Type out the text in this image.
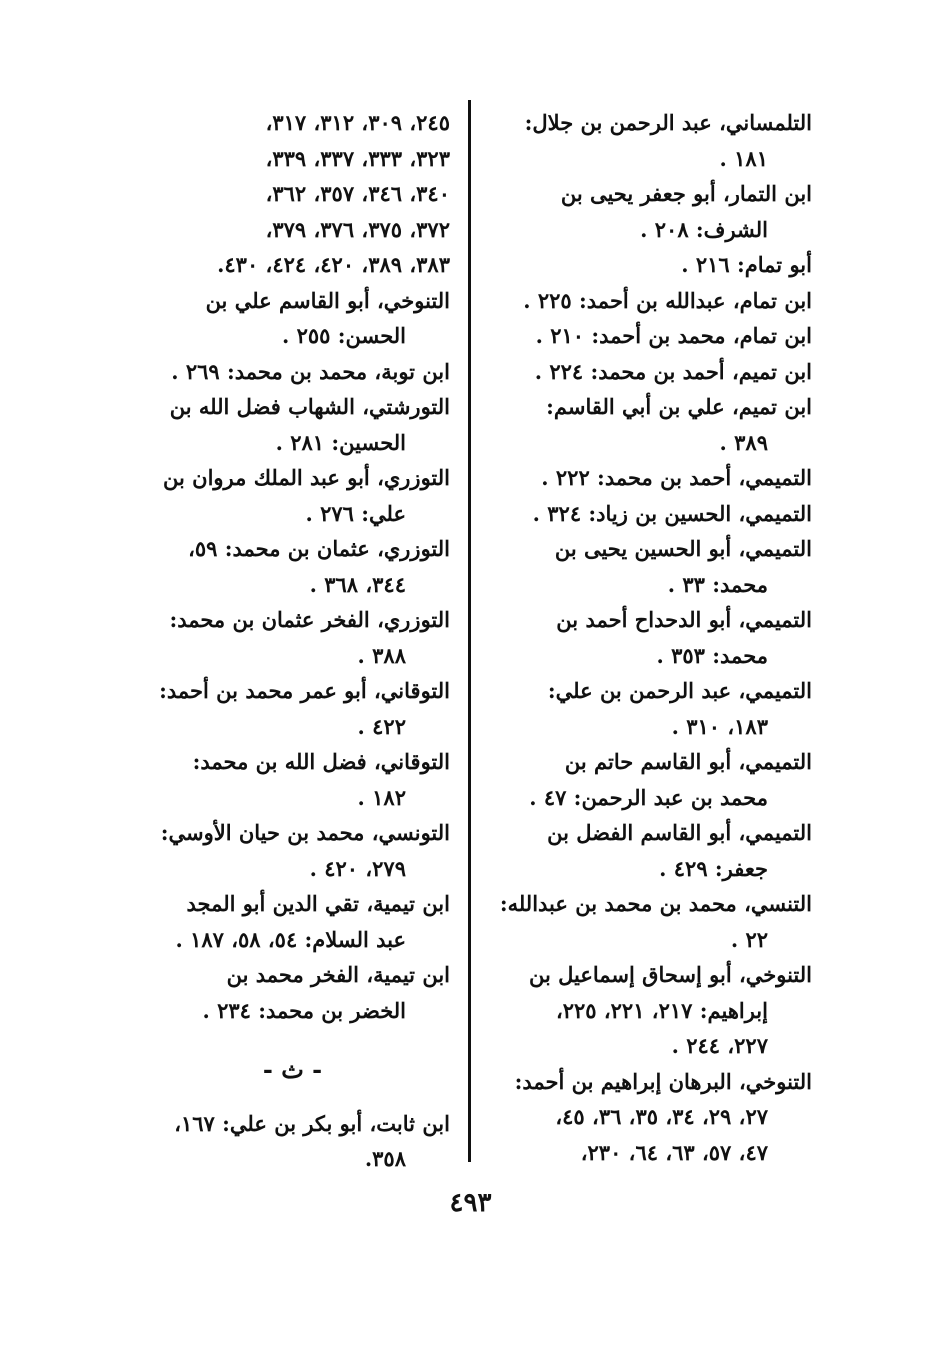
التلمساني، عبد الرحمن بن جلال:
١٨١ .

ابن التمار، أبو جعفر يحيى بن
الشرف: ٢٠٨ .

أبو تمام: ٢١٦ .

ابن تمام، عبدالله بن أحمد: ٢٢٥ .

ابن تمام، محمد بن أحمد: ٢١٠ .

ابن تميم، أحمد بن محمد: ٢٢٤ .

ابن تميم، علي بن أبي القاسم:
٣٨٩ .

التميمي، أحمد بن محمد: ٢٢٢ .

التميمي، الحسين بن زياد: ٣٢٤ .

التميمي، أبو الحسين يحيى بن
محمد: ٣٣ .

التميمي، أبو الدحداح أحمد بن
محمد: ٣٥٣ .

التميمي، عبد الرحمن بن علي:
١٨٣، ٣١٠ .

التميمي، أبو القاسم حاتم بن
محمد بن عبد الرحمن: ٤٧ .

التميمي، أبو القاسم الفضل بن
جعفر: ٤٢٩ .

التنسي، محمد بن محمد بن عبدالله:
٢٢ .

التنوخي، أبو إسحاق إسماعيل بن
إبراهيم: ٢١٧، ٢٢١، ٢٢٥،
٢٢٧، ٢٤٤ .

التنوخي، البرهان إبراهيم بن أحمد:
٢٧، ٢٩، ٣٤، ٣٥، ٣٦، ٤٥،
٤٧، ٥٧، ٦٣، ٦٤، ٢٣٠،

٢٤٥، ٣٠٩، ٣١٢، ٣١٧،

٣٢٣، ٣٣٣، ٣٣٧، ٣٣٩،

٣٤٠، ٣٤٦، ٣٥٧، ٣٦٢،

٣٧٢، ٣٧٥، ٣٧٦، ٣٧٩،

٣٨٣، ٣٨٩، ٤٢٠، ٤٢٤، ٤٣٠.

التنوخي، أبو القاسم علي بن
الحسن: ٢٥٥ .

ابن توبة، محمد بن محمد: ٢٦٩ .

التورشتي، الشهاب فضل الله بن
الحسين: ٢٨١ .

التوزري، أبو عبد الملك مروان بن
علي: ٢٧٦ .

التوزري، عثمان بن محمد: ٥٩،
٣٤٤، ٣٦٨ .

التوزري، الفخر عثمان بن محمد:
٣٨٨ .

التوقاني، أبو عمر محمد بن أحمد:
٤٢٢ .

التوقاني، فضل الله بن محمد:
١٨٢ .

التونسي، محمد بن حيان الأوسي:
٢٧٩، ٤٢٠ .

ابن تيمية، تقي الدين أبو المجد
عبد السلام: ٥٤، ٥٨، ١٨٧ .

ابن تيمية، الفخر محمد بن
الخضر بن محمد: ٢٣٤ .

- ث -

ابن ثابت، أبو بكر بن علي: ١٦٧،
٣٥٨.

٤٩٣
